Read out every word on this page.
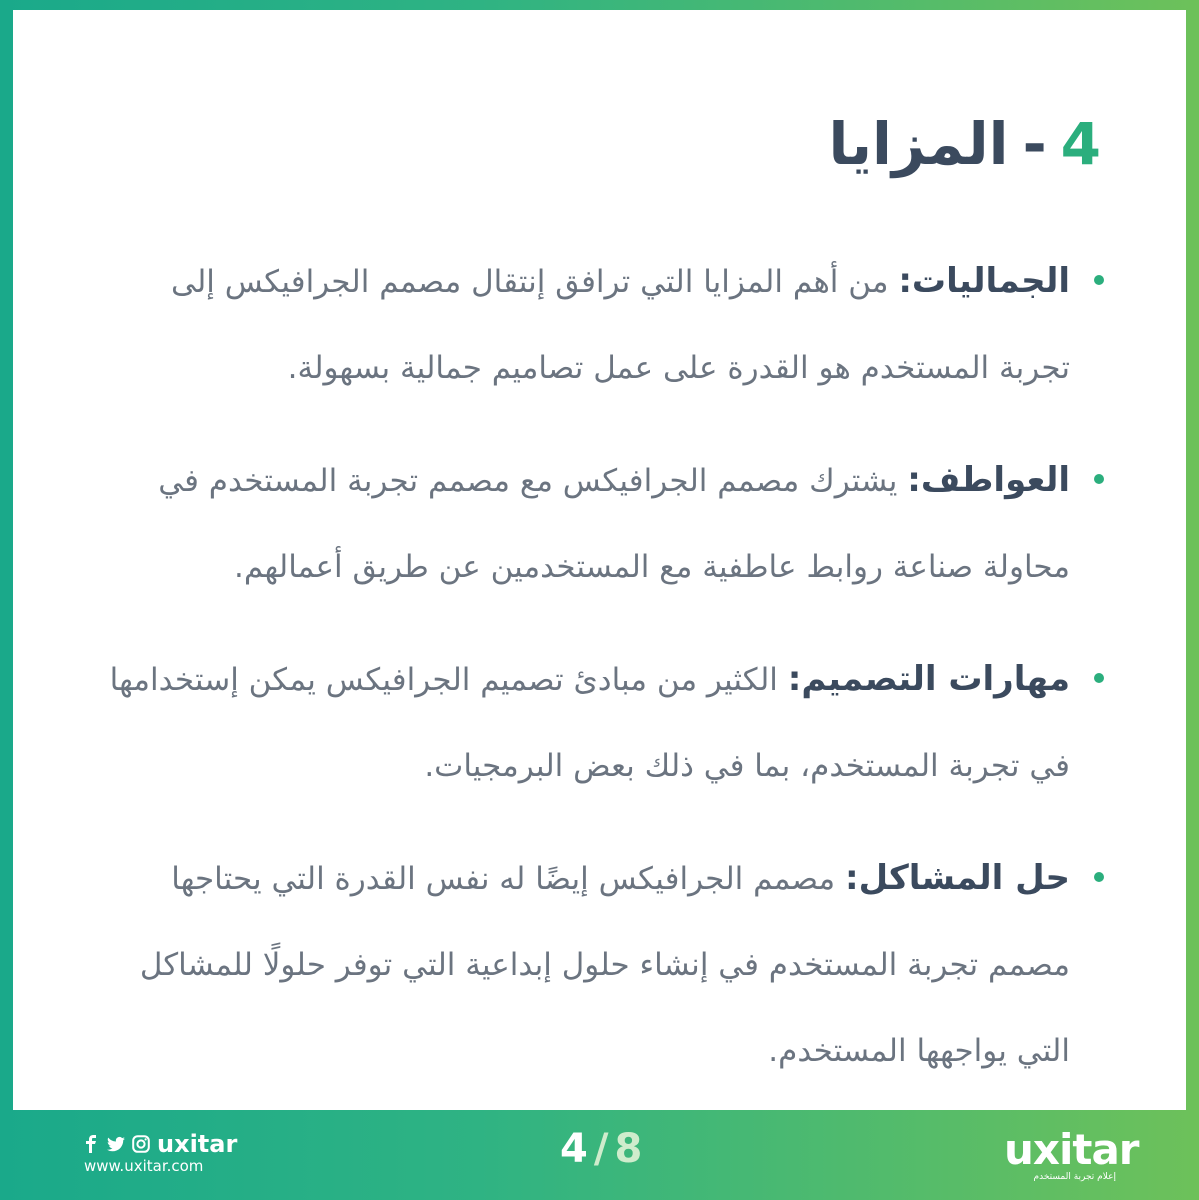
4
-
المزايا
الجماليات: من أهم المزايا التي ترافق إنتقال مصمم الجرافيكس إلى تجربة المستخدم هو القدرة على عمل تصاميم جمالية بسهولة.
العواطف: يشترك مصمم الجرافيكس مع مصمم تجربة المستخدم في محاولة صناعة روابط عاطفية مع المستخدمين عن طريق أعمالهم.
مهارات التصميم: الكثير من مبادئ تصميم الجرافيكس يمكن إستخدامها في تجربة المستخدم، بما في ذلك بعض البرمجيات.
حل المشاكل: مصمم الجرافيكس إيضًا له نفس القدرة التي يحتاجها مصمم تجربة المستخدم في إنشاء حلول إبداعية التي توفر حلولًا للمشاكل التي يواجهها المستخدم.
uxitar
www.uxitar.com	4 / 8	uxitar
إعلام تجربة المستخدم
